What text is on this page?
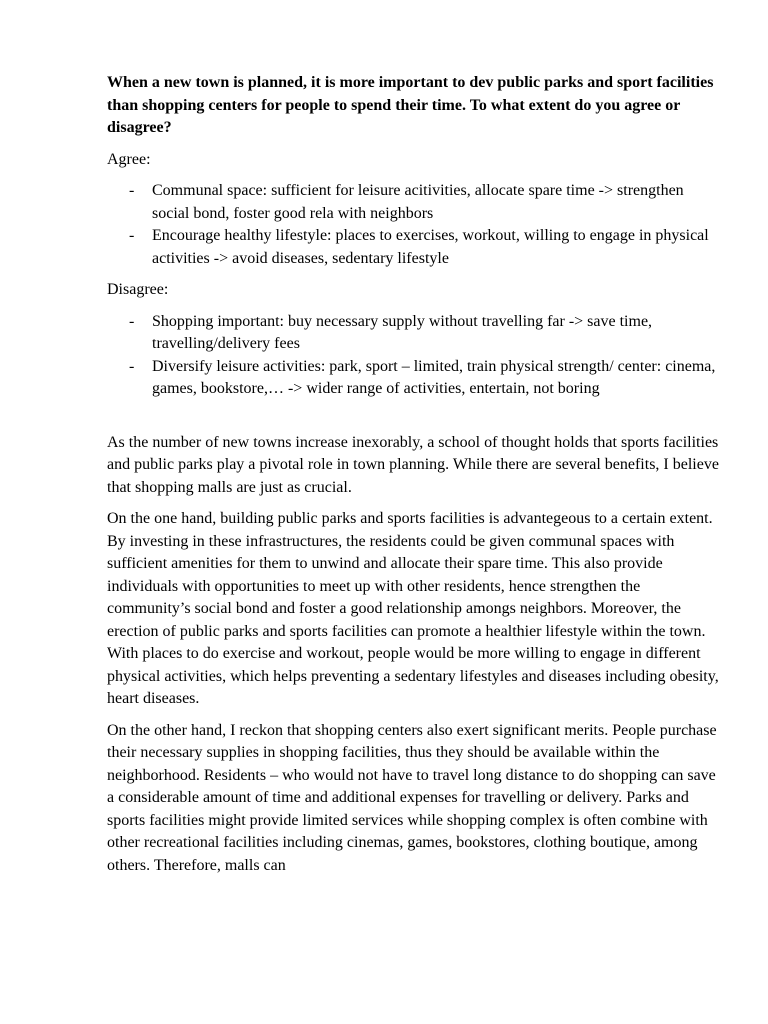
When a new town is planned, it is more important to dev public parks and sport facilities than shopping centers for people to spend their time. To what extent do you agree or disagree?

Agree:

- Communal space: sufficient for leisure acitivities, allocate spare time -> strengthen social bond, foster good rela with neighbors
- Encourage healthy lifestyle: places to exercises, workout, willing to engage in physical activities -> avoid diseases, sedentary lifestyle

Disagree:

- Shopping important: buy necessary supply without travelling far -> save time, travelling/delivery fees
- Diversify leisure activities: park, sport – limited, train physical strength/ center: cinema, games, bookstore,… -> wider range of activities, entertain, not boring

As the number of new towns increase inexorably, a school of thought holds that sports facilities and public parks play a pivotal role in town planning. While there are several benefits, I believe that shopping malls are just as crucial.

On the one hand, building public parks and sports facilities is advantegeous to a certain extent. By investing in these infrastructures, the residents could be given communal spaces with sufficient amenities for them to unwind and allocate their spare time. This also provide individuals with opportunities to meet up with other residents, hence strengthen the community’s social bond and foster a good relationship amongs neighbors. Moreover, the erection of public parks and sports facilities can promote a healthier lifestyle within the town. With places to do exercise and workout, people would be more willing to engage in different physical activities, which helps preventing a sedentary lifestyles and diseases including obesity, heart diseases.

On the other hand, I reckon that shopping centers also exert significant merits. People purchase their necessary supplies in shopping facilities, thus they should be available within the neighborhood. Residents – who would not have to travel long distance to do shopping can save a considerable amount of time and additional expenses for travelling or delivery. Parks and sports facilities might provide limited services while shopping complex is often combine with other recreational facilities including cinemas, games, bookstores, clothing boutique, among others. Therefore, malls can
